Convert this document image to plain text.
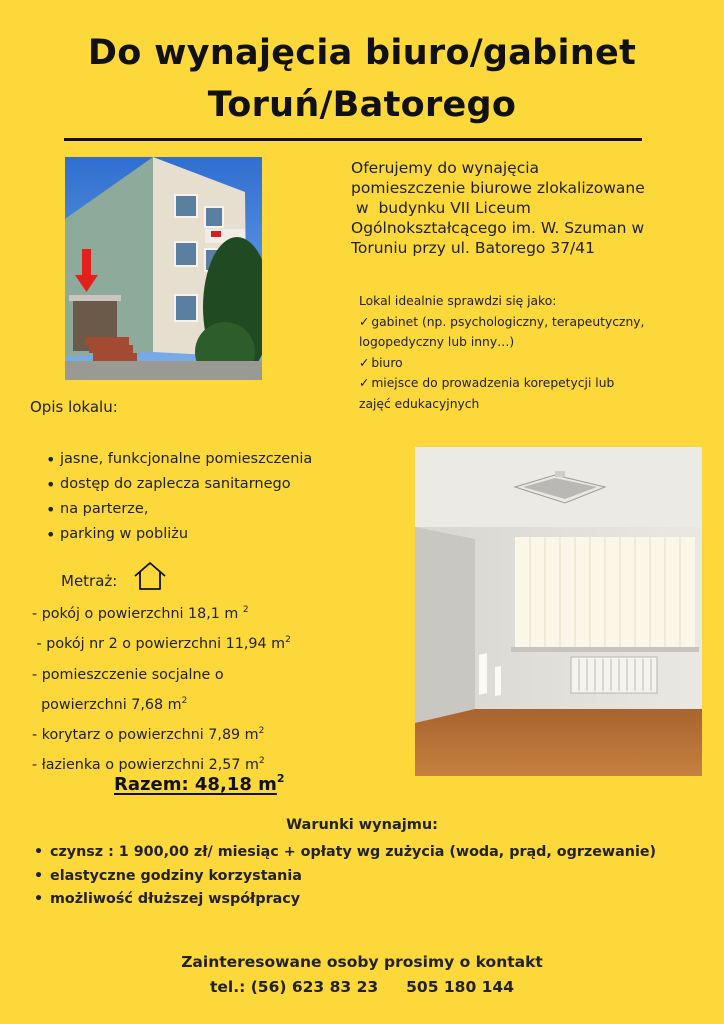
Do wynajęcia biuro/gabinet
Toruń/Batorego
Oferujemy do wynajęcia
pomieszczenie biurowe zlokalizowane
w  budynku VII Liceum
Ogólnokształcącego im. W. Szuman w
Toruniu przy ul. Batorego 37/41
Lokal idealnie sprawdzi się jako:
✓ gabinet (np. psychologiczny, terapeutyczny,
logopedyczny lub inny…)
✓ biuro
✓ miejsce do prowadzenia korepetycji lub
zajęć edukacyjnych
Opis lokalu:
• jasne, funkcjonalne pomieszczenia
• dostęp do zaplecza sanitarnego
• na parterze,
• parking w pobliżu
Metraż:
- pokój o powierzchni 18,1 m $^2$
- pokój nr 2 o powierzchni 11,94 $m^2$
- pomieszczenie socjalne o
powierzchni 7,68 $m^2$
- korytarz o powierzchni 7,89 $m^2$
- łazienka o powierzchni 2,57 $m^2$
Razem: 48,18 $m^2$
Warunki wynajmu:
• czynsz : 1 900,00 zł/ miesiąc + opłaty wg zużycia (woda, prąd, ogrzewanie)
• elastyczne godziny korzystania
• możliwość dłuższej współpracy
Zainteresowane osoby prosimy o kontakt
tel.: (56) 623 83 23 505 180 144
